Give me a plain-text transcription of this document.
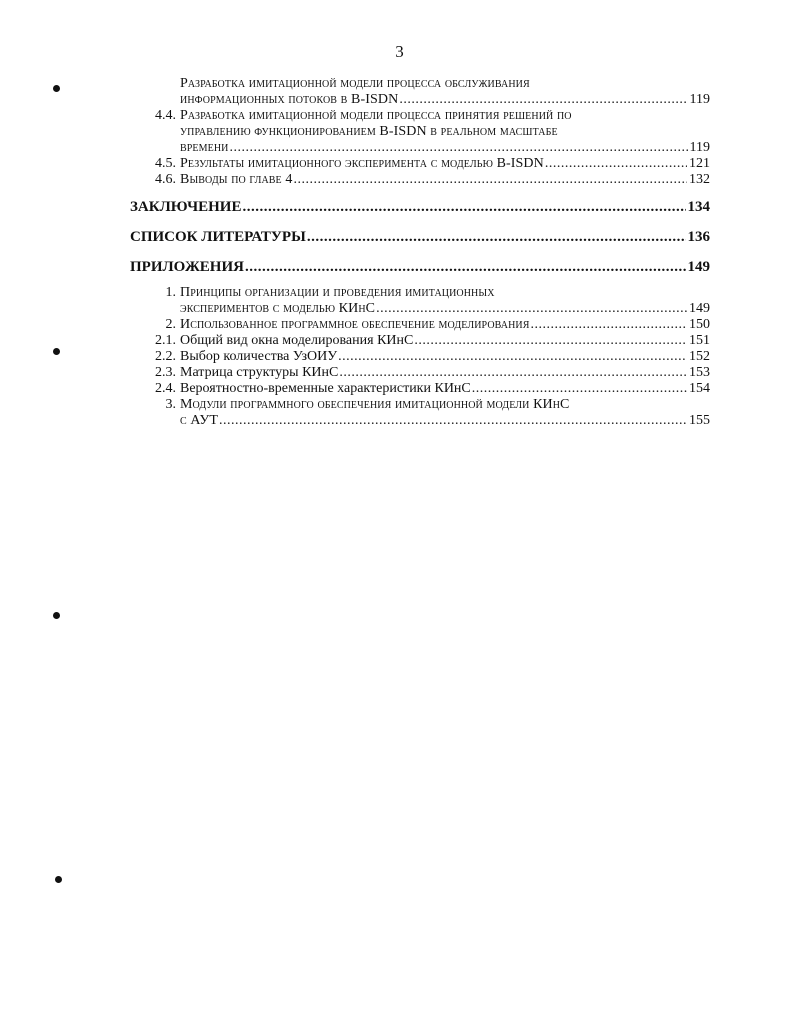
3
Разработка имитационной модели процесса обслуживания
информационных потоков в B-ISDN .....	119
4.4. Разработка имитационной модели процесса принятия решений по
управлению функционированием B-ISDN в реальном масштабе
времени .....	119
4.5. Результаты имитационного эксперимента с моделью B-ISDN .....	121
4.6. Выводы по главе 4 .....	132
ЗАКЛЮЧЕНИЕ .....	134
СПИСОК ЛИТЕРАТУРЫ .....	136
ПРИЛОЖЕНИЯ .....	149
1. Принципы организации и проведения имитационных
экспериментов с моделью КИнС .....	149
2. Использованное программное обеспечение моделирования .....	150
2.1. Общий вид окна моделирования КИнС .....	151
2.2. Выбор количества УзОИУ .....	152
2.3. Матрица структуры КИнС .....	153
2.4. Вероятностно-временные характеристики КИнС .....	154
3. Модули программного обеспечения имитационной модели КИнС
с АУТ .....	155
